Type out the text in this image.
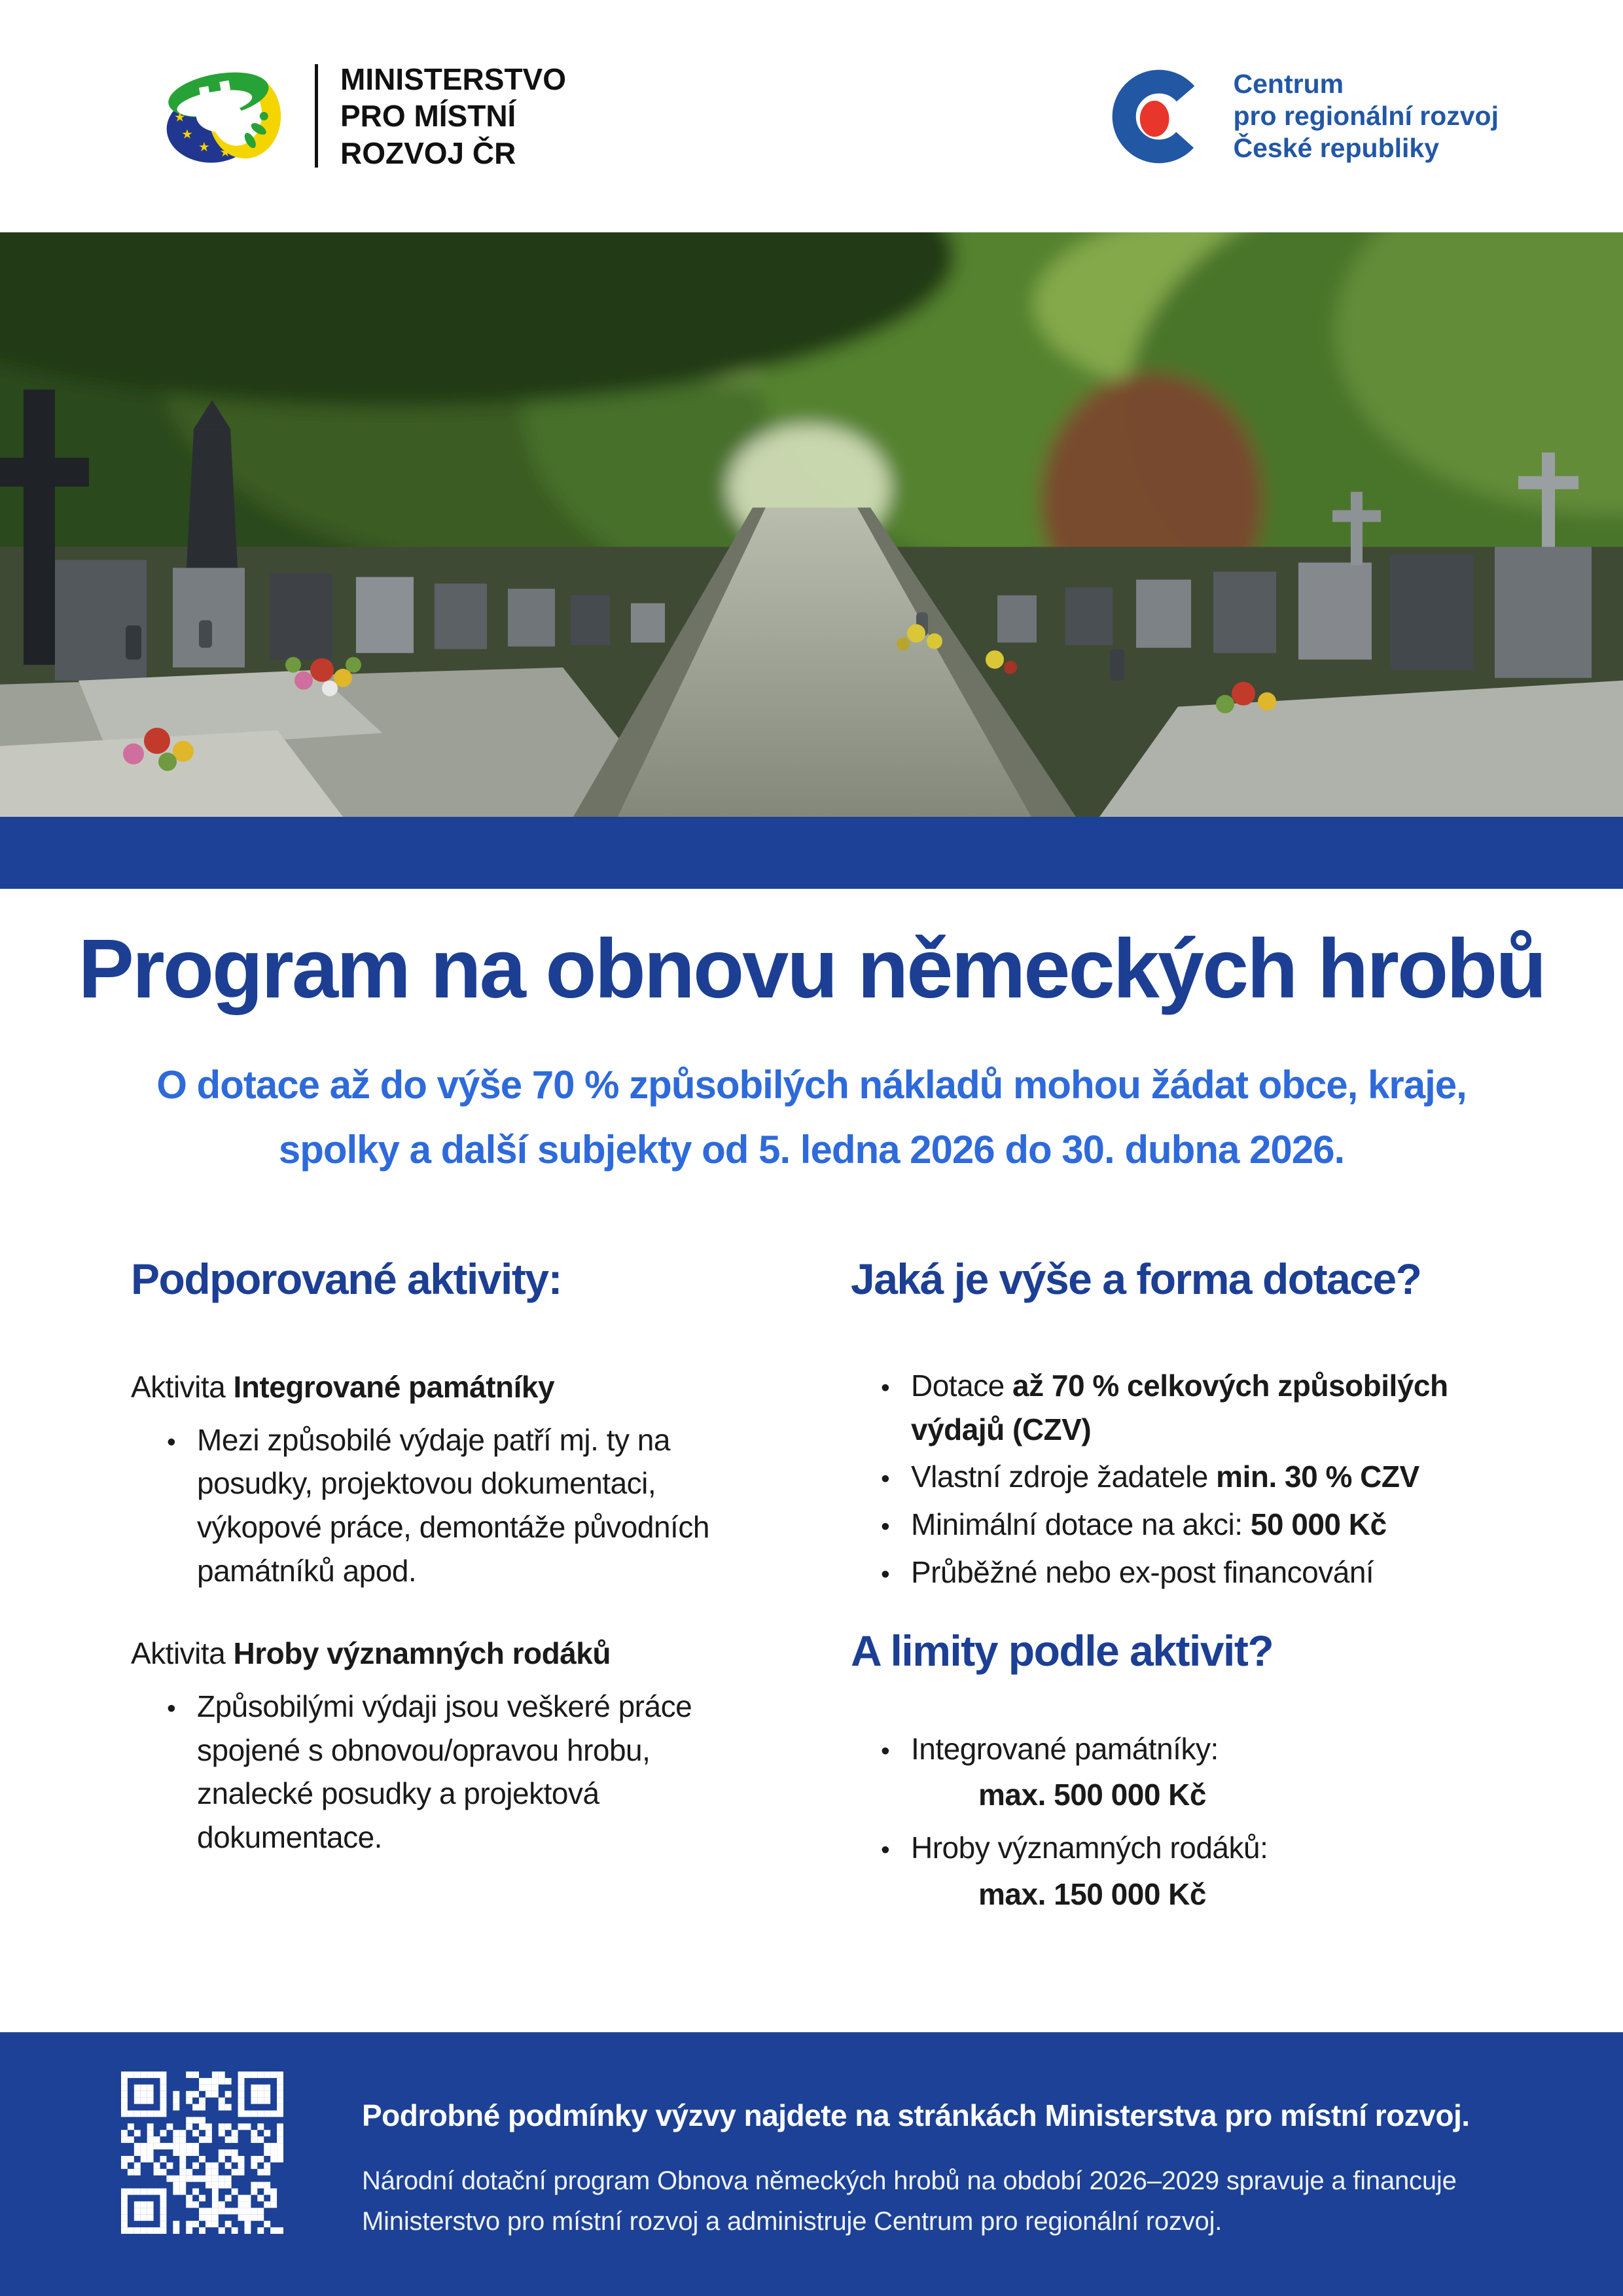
★
★
★ ★
MINISTERSTVO
PRO MÍSTNÍ
ROZVOJ ČR
Centrum
pro regionální rozvoj
České republiky
Program na obnovu německých hrobů

O dotace až do výše 70 % způsobilých nákladů mohou žádat obce, kraje,
spolky a další subjekty od 5. ledna 2026 do 30. dubna 2026.

Podporované aktivity:

Aktivita Integrované památníky

•

Mezi způsobilé výdaje patří mj. ty na posudky, projektovou dokumentaci, výkopové práce, demontáže původních památníků apod.

Aktivita Hroby významných rodáků

•

Způsobilými výdaji jsou veškeré práce spojené s obnovou/opravou hrobu, znalecké posudky a projektová dokumentace.

Jaká je výše a forma dotace?
•

Dotace až 70 % celkových způsobilých výdajů (CZV)

•

Vlastní zdroje žadatele min. 30 % CZV

•

Minimální dotace na akci: 50 000 Kč

•

Průběžné nebo ex-post financování

A limity podle aktivit?
•

Integrované památníky:

max. 500 000 Kč

•

Hroby významných rodáků:

max. 150 000 Kč

Podrobné podmínky výzvy najdete na stránkách Ministerstva pro místní rozvoj.

Národní dotační program Obnova německých hrobů na období 2026–2029 spravuje a financuje
Ministerstvo pro místní rozvoj a administruje Centrum pro regionální rozvoj.
